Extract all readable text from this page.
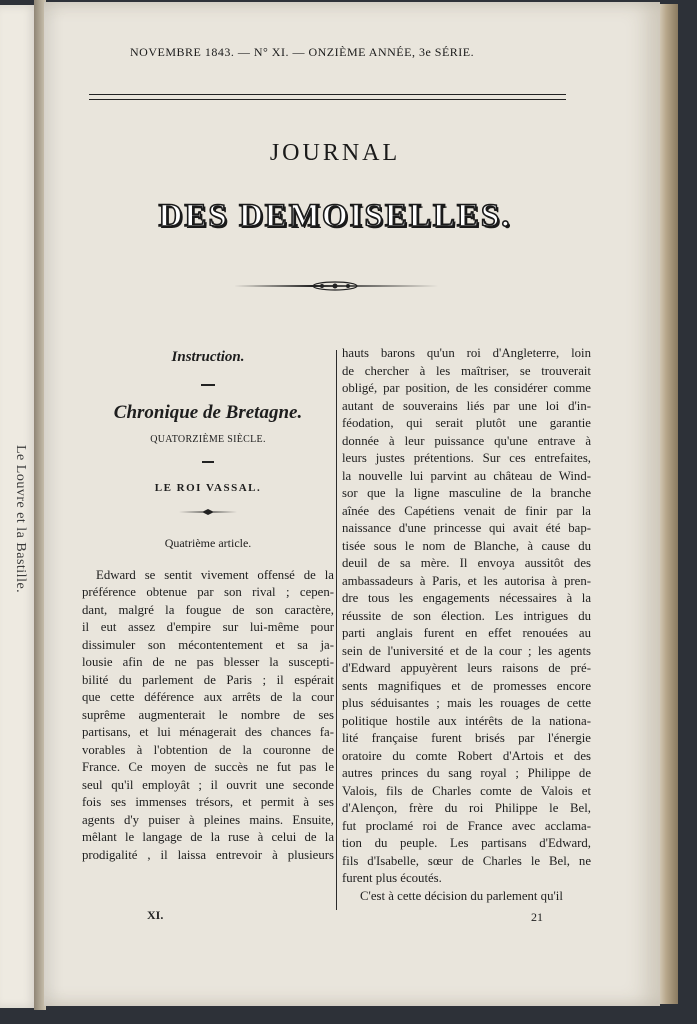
Le Louvre et la Bastille.
NOVEMBRE 1843. — N° XI. — ONZIÈME ANNÉE, 3e SÉRIE.
JOURNAL
DES DEMOISELLES.
Instruction.
Chronique de Bretagne.
QUATORZIÈME SIÈCLE.
LE ROI VASSAL.
Quatrième article.
Edward se sentit vivement offensé de la
préférence obtenue par son rival ; cepen-
dant, malgré la fougue de son caractère,
il eut assez d'empire sur lui-même pour
dissimuler son mécontentement et sa ja-
lousie afin de ne pas blesser la suscepti-
bilité du parlement de Paris ; il espérait
que cette déférence aux arrêts de la cour
suprême augmenterait le nombre de ses
partisans, et lui ménagerait des chances fa-
vorables à l'obtention de la couronne de
France. Ce moyen de succès ne fut pas le
seul qu'il employât ; il ouvrit une seconde
fois ses immenses trésors, et permit à ses
agents d'y puiser à pleines mains. Ensuite,
mêlant le langage de la ruse à celui de la
prodigalité , il laissa entrevoir à plusieurs
hauts barons qu'un roi d'Angleterre, loin
de chercher à les maîtriser, se trouverait
obligé, par position, de les considérer comme
autant de souverains liés par une loi d'in-
féodation, qui serait plutôt une garantie
donnée à leur puissance qu'une entrave à
leurs justes prétentions. Sur ces entrefaites,
la nouvelle lui parvint au château de Wind-
sor que la ligne masculine de la branche
aînée des Capétiens venait de finir par la
naissance d'une princesse qui avait été bap-
tisée sous le nom de Blanche, à cause du
deuil de sa mère. Il envoya aussitôt des
ambassadeurs à Paris, et les autorisa à pren-
dre tous les engagements nécessaires à la
réussite de son élection. Les intrigues du
parti anglais furent en effet renouées au
sein de l'université et de la cour ; les agents
d'Edward appuyèrent leurs raisons de pré-
sents magnifiques et de promesses encore
plus séduisantes ; mais les rouages de cette
politique hostile aux intérêts de la nationa-
lité française furent brisés par l'énergie
oratoire du comte Robert d'Artois et des
autres princes du sang royal ; Philippe de
Valois, fils de Charles comte de Valois et
d'Alençon, frère du roi Philippe le Bel,
fut proclamé roi de France avec acclama-
tion du peuple. Les partisans d'Edward,
fils d'Isabelle, sœur de Charles le Bel, ne
furent plus écoutés.
C'est à cette décision du parlement qu'il
XI.	21
